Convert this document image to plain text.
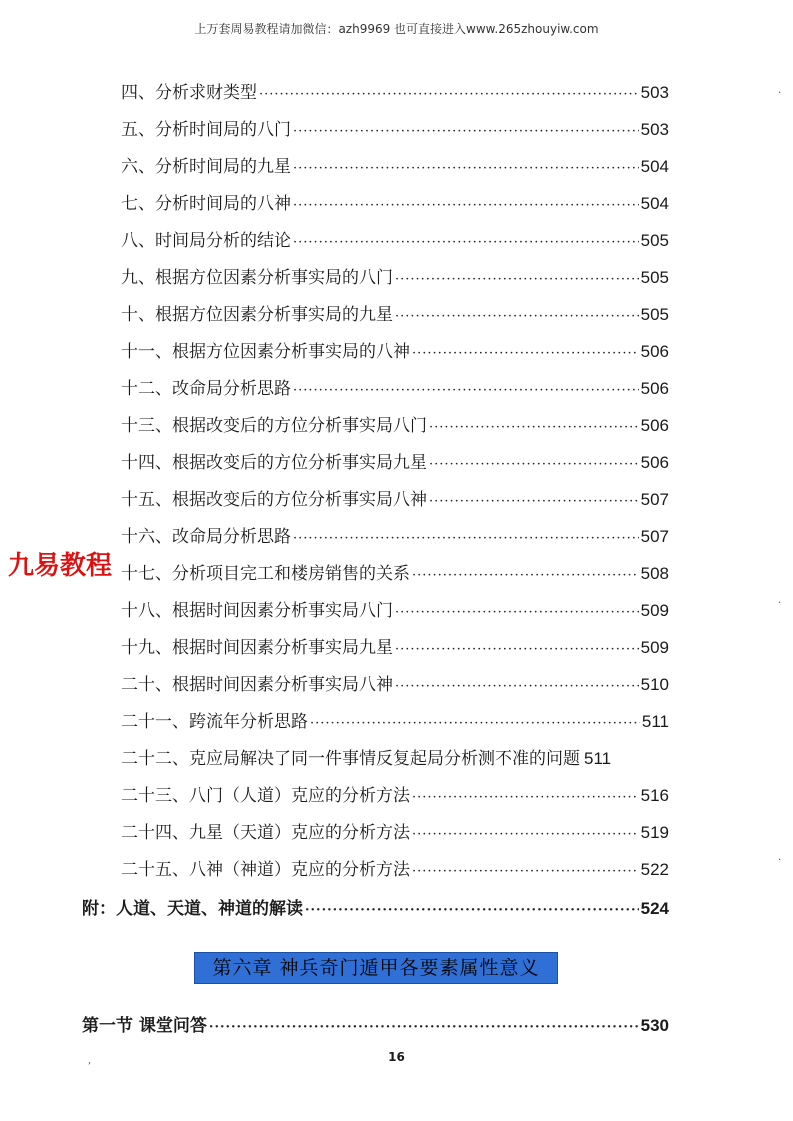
上万套周易教程请加微信：azh9969 也可直接进入www.265zhouyiw.com
四、分析求财类型 ·····	503
五、分析时间局的八门 ·····	503
六、分析时间局的九星 ·····	504
七、分析时间局的八神 ·····	504
八、时间局分析的结论 ·····	505
九、根据方位因素分析事实局的八门 ·····	505
十、根据方位因素分析事实局的九星 ·····	505
十一、根据方位因素分析事实局的八神 ·····	506
十二、改命局分析思路 ·····	506
十三、根据改变后的方位分析事实局八门 ·····	506
十四、根据改变后的方位分析事实局九星 ·····	506
十五、根据改变后的方位分析事实局八神 ·····	507
十六、改命局分析思路 ·····	507
十七、分析项目完工和楼房销售的关系 ·····	508
十八、根据时间因素分析事实局八门 ·····	509
十九、根据时间因素分析事实局九星 ·····	509
二十、根据时间因素分析事实局八神 ·····	510
二十一、跨流年分析思路 ·····	511
二十二、克应局解决了同一件事情反复起局分析测不准的问题 511
二十三、八门（人道）克应的分析方法 ·····	516
二十四、九星（天道）克应的分析方法 ·····	519
二十五、八神（神道）克应的分析方法 ·····	522
附：人道、天道、神道的解读 ·····	524
第六章 神兵奇门遁甲各要素属性意义
第一节 课堂问答 ·····	530
九易教程
16
,
·
·
·
